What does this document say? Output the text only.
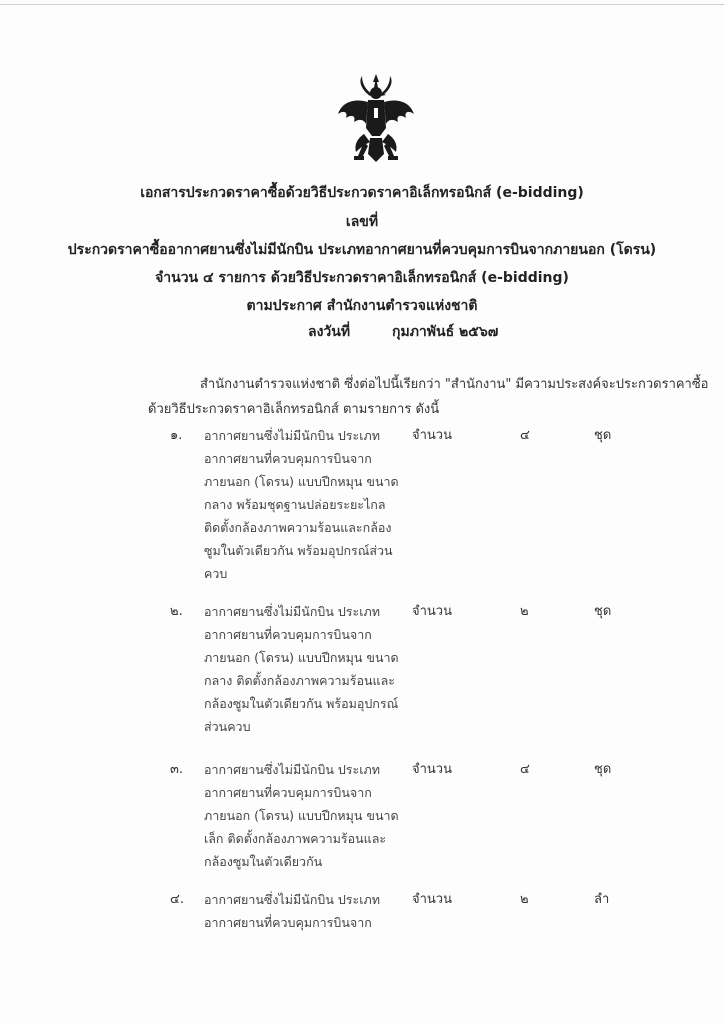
เอกสารประกวดราคาซื้อด้วยวิธีประกวดราคาอิเล็กทรอนิกส์ (e-bidding)
เลขที่
ประกวดราคาซื้ออากาศยานซึ่งไม่มีนักบิน ประเภทอากาศยานที่ควบคุมการบินจากภายนอก (โดรน)
จำนวน ๔ รายการ ด้วยวิธีประกวดราคาอิเล็กทรอนิกส์ (e-bidding)
ตามประกาศ สำนักงานตำรวจแห่งชาติ
ลงวันที่	กุมภาพันธ์ ๒๕๖๗
สำนักงานตำรวจแห่งชาติ ซึ่งต่อไปนี้เรียกว่า "สำนักงาน" มีความประสงค์จะประกวดราคาซื้อ
ด้วยวิธีประกวดราคาอิเล็กทรอนิกส์ ตามรายการ ดังนี้
๑. อากาศยานซึ่งไม่มีนักบิน ประเภท
อากาศยานที่ควบคุมการบินจาก
ภายนอก (โดรน) แบบปีกหมุน ขนาด
กลาง พร้อมชุดฐานปล่อยระยะไกล
ติดตั้งกล้องภาพความร้อนและกล้อง
ซูมในตัวเดียวกัน พร้อมอุปกรณ์ส่วน
ควบ
จำนวน	๔	ชุด
๒. อากาศยานซึ่งไม่มีนักบิน ประเภท
อากาศยานที่ควบคุมการบินจาก
ภายนอก (โดรน) แบบปีกหมุน ขนาด
กลาง ติดตั้งกล้องภาพความร้อนและ
กล้องซูมในตัวเดียวกัน พร้อมอุปกรณ์
ส่วนควบ
จำนวน	๒	ชุด
๓. อากาศยานซึ่งไม่มีนักบิน ประเภท
อากาศยานที่ควบคุมการบินจาก
ภายนอก (โดรน) แบบปีกหมุน ขนาด
เล็ก ติดตั้งกล้องภาพความร้อนและ
กล้องซูมในตัวเดียวกัน
จำนวน	๔	ชุด
๔. อากาศยานซึ่งไม่มีนักบิน ประเภท
อากาศยานที่ควบคุมการบินจาก
จำนวน	๒	ลำ
